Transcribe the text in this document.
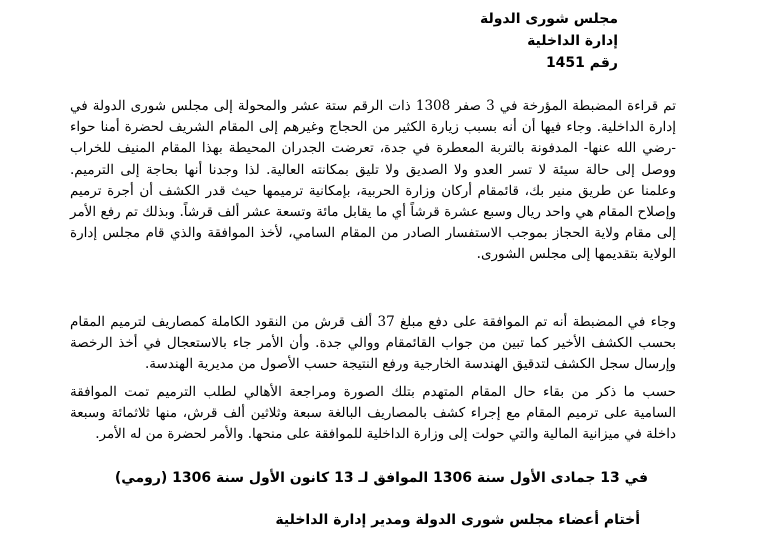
مجلس شورى الدولة
إدارة الداخلية
رقم 1451

تم قراءة المضبطة المؤرخة في 3 صفر 1308 ذات الرقم ستة عشر والمحولة إلى مجلس شورى الدولة في إدارة الداخلية. وجاء فيها أن أنه بسبب زيارة الكثير من الحجاج وغيرهم إلى المقام الشريف لحضرة أمنا حواء -رضي الله عنها- المدفونة بالتربة المعطرة في جدة، تعرضت الجدران المحيطة بهذا المقام المنيف للخراب ووصل إلى حالة سيئة لا تسر العدو ولا الصديق ولا تليق بمكانته العالية. لذا وجدنا أنها بحاجة إلى الترميم. وعلمنا عن طريق منير بك، قائمقام أركان وزارة الحربية، بإمكانية ترميمها حيث قدر الكشف أن أجرة ترميم وإصلاح المقام هي واحد ريال وسبع عشرة قرشاً أي ما يقابل مائة وتسعة عشر ألف قرشاً. وبذلك تم رفع الأمر إلى مقام ولاية الحجاز بموجب الاستفسار الصادر من المقام السامي، لأخذ الموافقة والذي قام مجلس إدارة الولاية بتقديمها إلى مجلس الشورى.

وجاء في المضبطة أنه تم الموافقة على دفع مبلغ 37 ألف قرش من النقود الكاملة كمصاريف لترميم المقام بحسب الكشف الأخير كما تبين من جواب القائمقام ووالي جدة. وأن الأمر جاء بالاستعجال في أخذ الرخصة وإرسال سجل الكشف لتدقيق الهندسة الخارجية ورفع النتيجة حسب الأصول من مديرية الهندسة.

حسب ما ذكر من بقاء حال المقام المتهدم بتلك الصورة ومراجعة الأهالي لطلب الترميم تمت الموافقة السامية على ترميم المقام مع إجراء كشف بالمصاريف البالغة سبعة وثلاثين ألف قرش، منها ثلاثمائة وسبعة داخلة في ميزانية المالية والتي حولت إلى وزارة الداخلية للموافقة على منحها. والأمر لحضرة من له الأمر.

في 13 جمادى الأول سنة 1306 الموافق لـ 13 كانون الأول سنة 1306 (رومي)
أختام أعضاء مجلس شورى الدولة ومدير إدارة الداخلية
